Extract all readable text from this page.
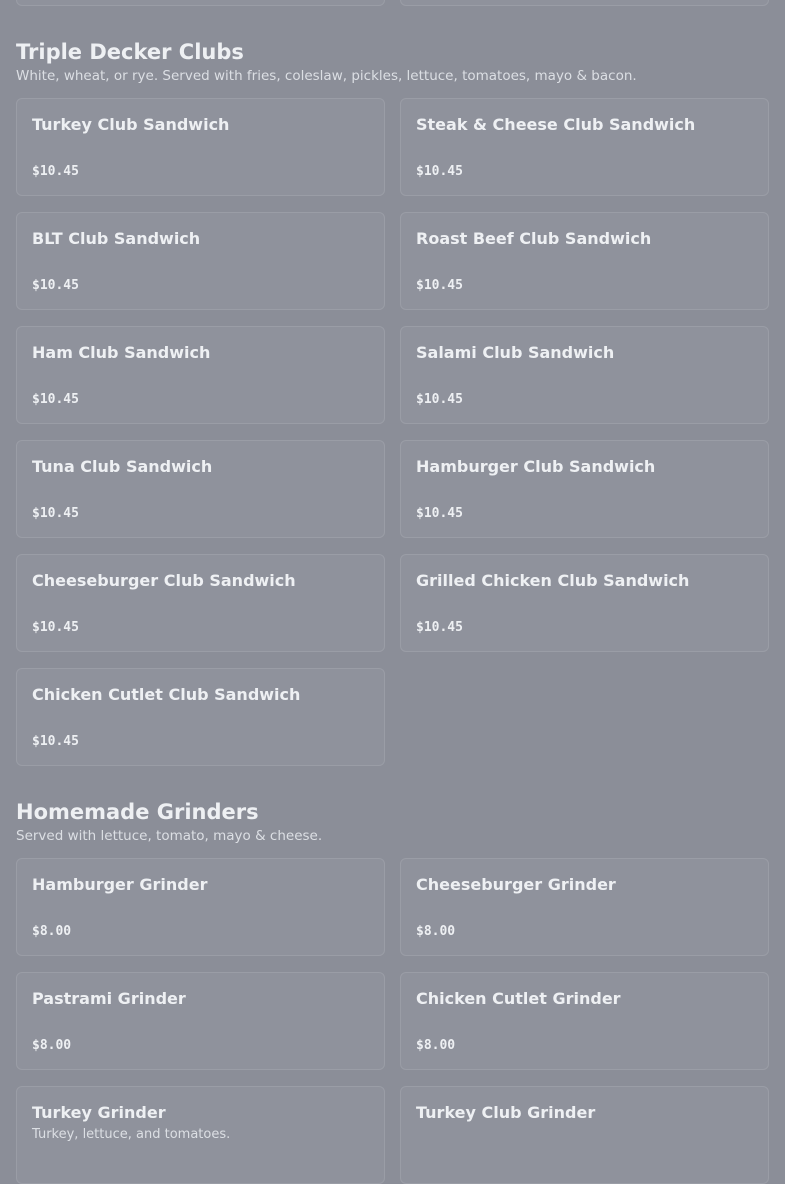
Triple Decker Clubs
White, wheat, or rye. Served with fries, coleslaw, pickles, lettuce, tomatoes, mayo & bacon.
Turkey Club Sandwich
$10.45
Steak & Cheese Club Sandwich
$10.45
BLT Club Sandwich
$10.45
Roast Beef Club Sandwich
$10.45
Ham Club Sandwich
$10.45
Salami Club Sandwich
$10.45
Tuna Club Sandwich
$10.45
Hamburger Club Sandwich
$10.45
Cheeseburger Club Sandwich
$10.45
Grilled Chicken Club Sandwich
$10.45
Chicken Cutlet Club Sandwich
$10.45
Homemade Grinders
Served with lettuce, tomato, mayo & cheese.
Hamburger Grinder
$8.00
Cheeseburger Grinder
$8.00
Pastrami Grinder
$8.00
Chicken Cutlet Grinder
$8.00
Turkey Grinder
Turkey, lettuce, and tomatoes.
Turkey Club Grinder
